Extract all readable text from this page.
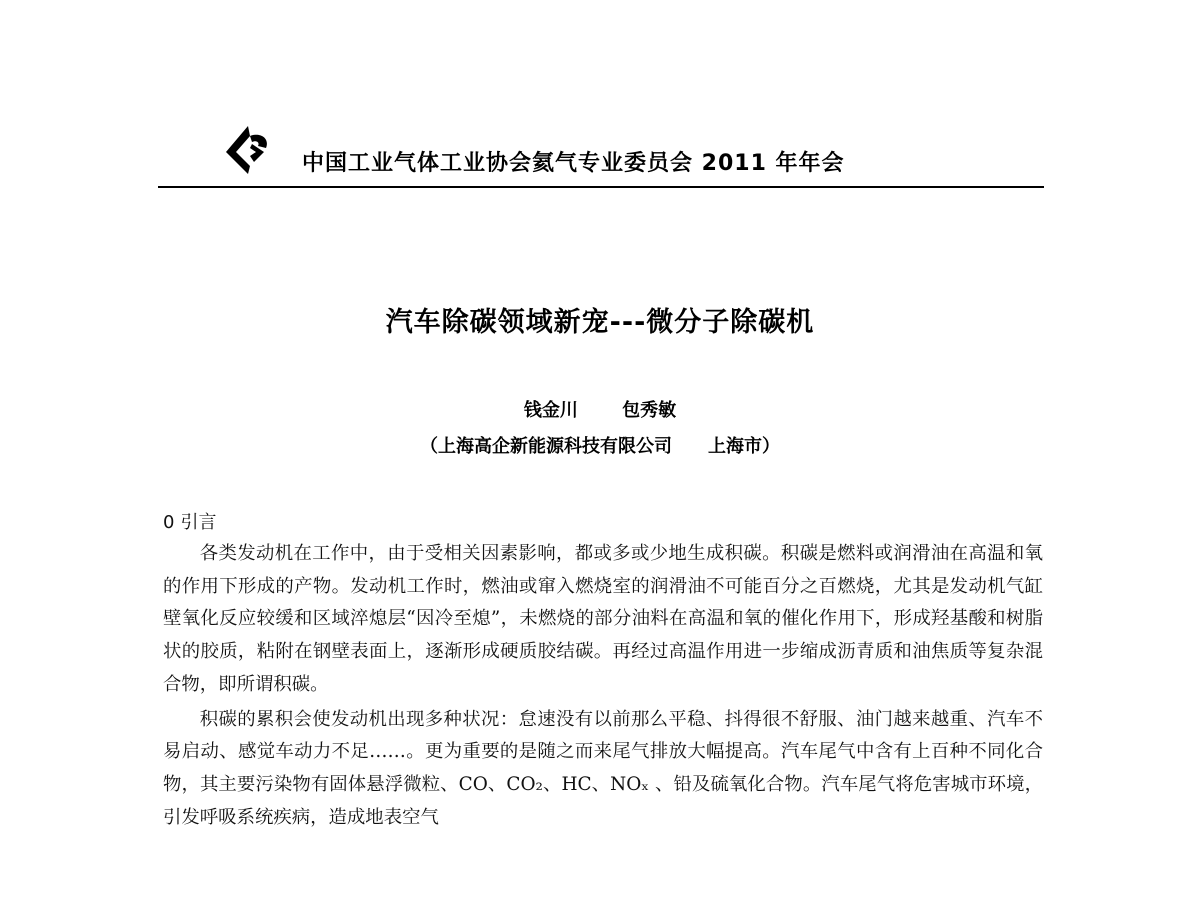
中国工业气体工业协会氦气专业委员会 2011 年年会
汽车除碳领域新宠---微分子除碳机
钱金川 包秀敏
（上海高企新能源科技有限公司 上海市）
0 引言

各类发动机在工作中，由于受相关因素影响，都或多或少地生成积碳。积碳是燃料或润滑油在高温和氧的作用下形成的产物。发动机工作时，燃油或窜入燃烧室的润滑油不可能百分之百燃烧，尤其是发动机气缸壁氧化反应较缓和区域淬熄层“因冷至熄”，未燃烧的部分油料在高温和氧的催化作用下，形成羟基酸和树脂状的胶质，粘附在钢壁表面上，逐渐形成硬质胶结碳。再经过高温作用进一步缩成沥青质和油焦质等复杂混合物，即所谓积碳。

积碳的累积会使发动机出现多种状况：怠速没有以前那么平稳、抖得很不舒服、油门越来越重、汽车不易启动、感觉车动力不足……。更为重要的是随之而来尾气排放大幅提高。汽车尾气中含有上百种不同化合物，其主要污染物有固体悬浮微粒、CO、CO₂、HC、NOₓ 、铅及硫氧化合物。汽车尾气将危害城市环境，引发呼吸系统疾病，造成地表空气
